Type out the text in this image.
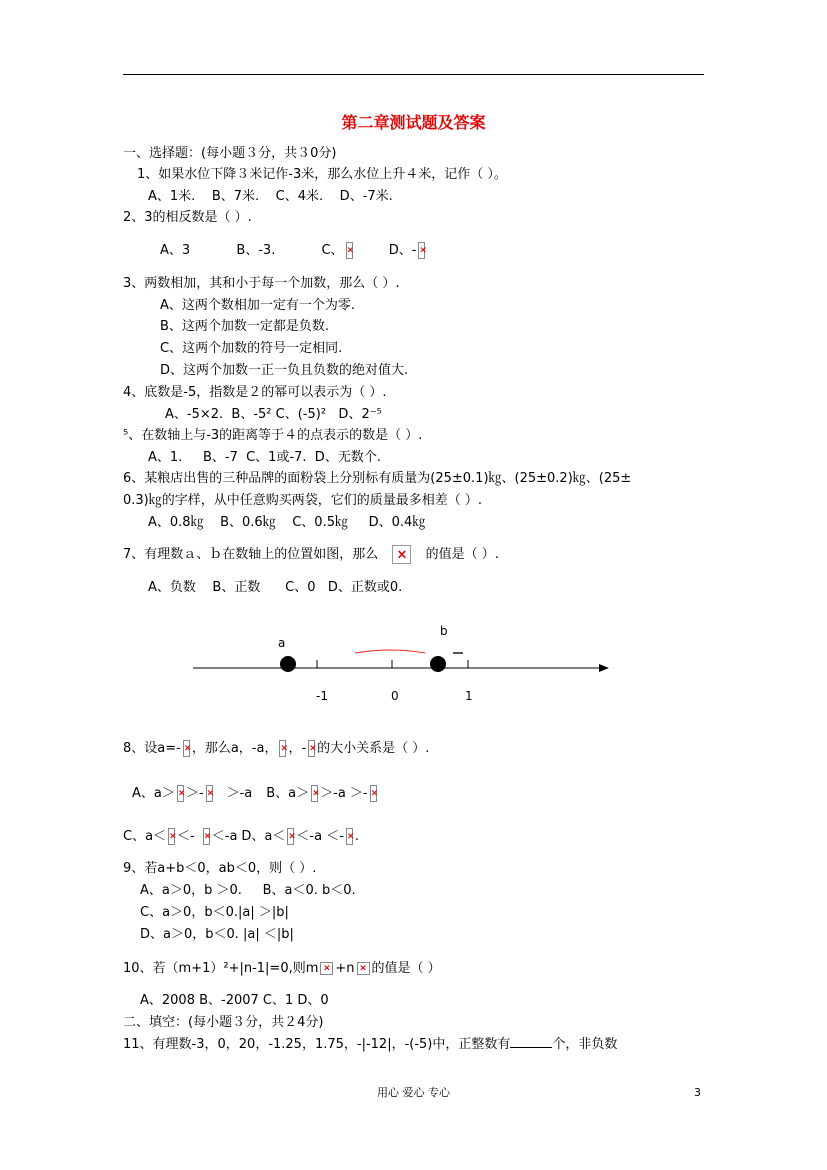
第二章测试题及答案
一、选择题：(每小题３分，共３0分)
1、如果水位下降３米记作-3米，那么水位上升４米，记作（ ）。
A、1米.    B、7米.    C、4米.    D、-7米.
2、3的相反数是（ ）.
A、3	B、-3.	C、 ×	D、-×
3、两数相加，其和小于每一个加数，那么（ ）.
A、这两个数相加一定有一个为零.
B、这两个加数一定都是负数.
C、这两个加数的符号一定相同.
D、这两个加数一正一负且负数的绝对值大.
4、底数是-5，指数是２的幂可以表示为（ ）.
A、-5×2.  B、-5² C、(-5)²   D、2⁻⁵
⁵、在数轴上与-3的距离等于４的点表示的数是（ ）.
A、1.     B、-7  C、1或-7.  D、无数个.
6、某粮店出售的三种品牌的面粉袋上分别标有质量为(25±0.1)㎏、(25±0.2)㎏、(25±
0.3)㎏的字样，从中任意购买两袋，它们的质量最多相差（ ）.
A、0.8㎏    B、0.6㎏    C、0.5㎏     D、0.4㎏
7、有理数ａ、ｂ在数轴上的位置如图，那么 ×	的值是（ ）.
A、负数    B、正数      C、0   D、正数或0.
a
b
-1	0	1
8、设a=- × ，那么a，-a， × ，- × 的大小关系是（ ）.
A、a＞ × ＞- × ＞-a B、a＞ × ＞-a ＞-×
C、a＜ × ＜- × ＜-a D、a＜ × ＜-a ＜- × .
9、若a+b＜0，ab＜0，则（ ）.
A、a＞0，b ＞0.     B、a＜0. b＜0.
C、a＞0，b＜0.|a| ＞|b|
D、a＞0，b＜0. |a| ＜|b|
10、若（m+1）²+|n-1|=0,则m × +n × 的值是（ ）
A、2008 B、-2007 C、1 D、0
二、填空：(每小题３分，共２4分)
11、有理数-3，0，20，-1.25，1.75，-|-12|，-(-5)中，正整数有	个，非负数
用心 爱心 专心	3
